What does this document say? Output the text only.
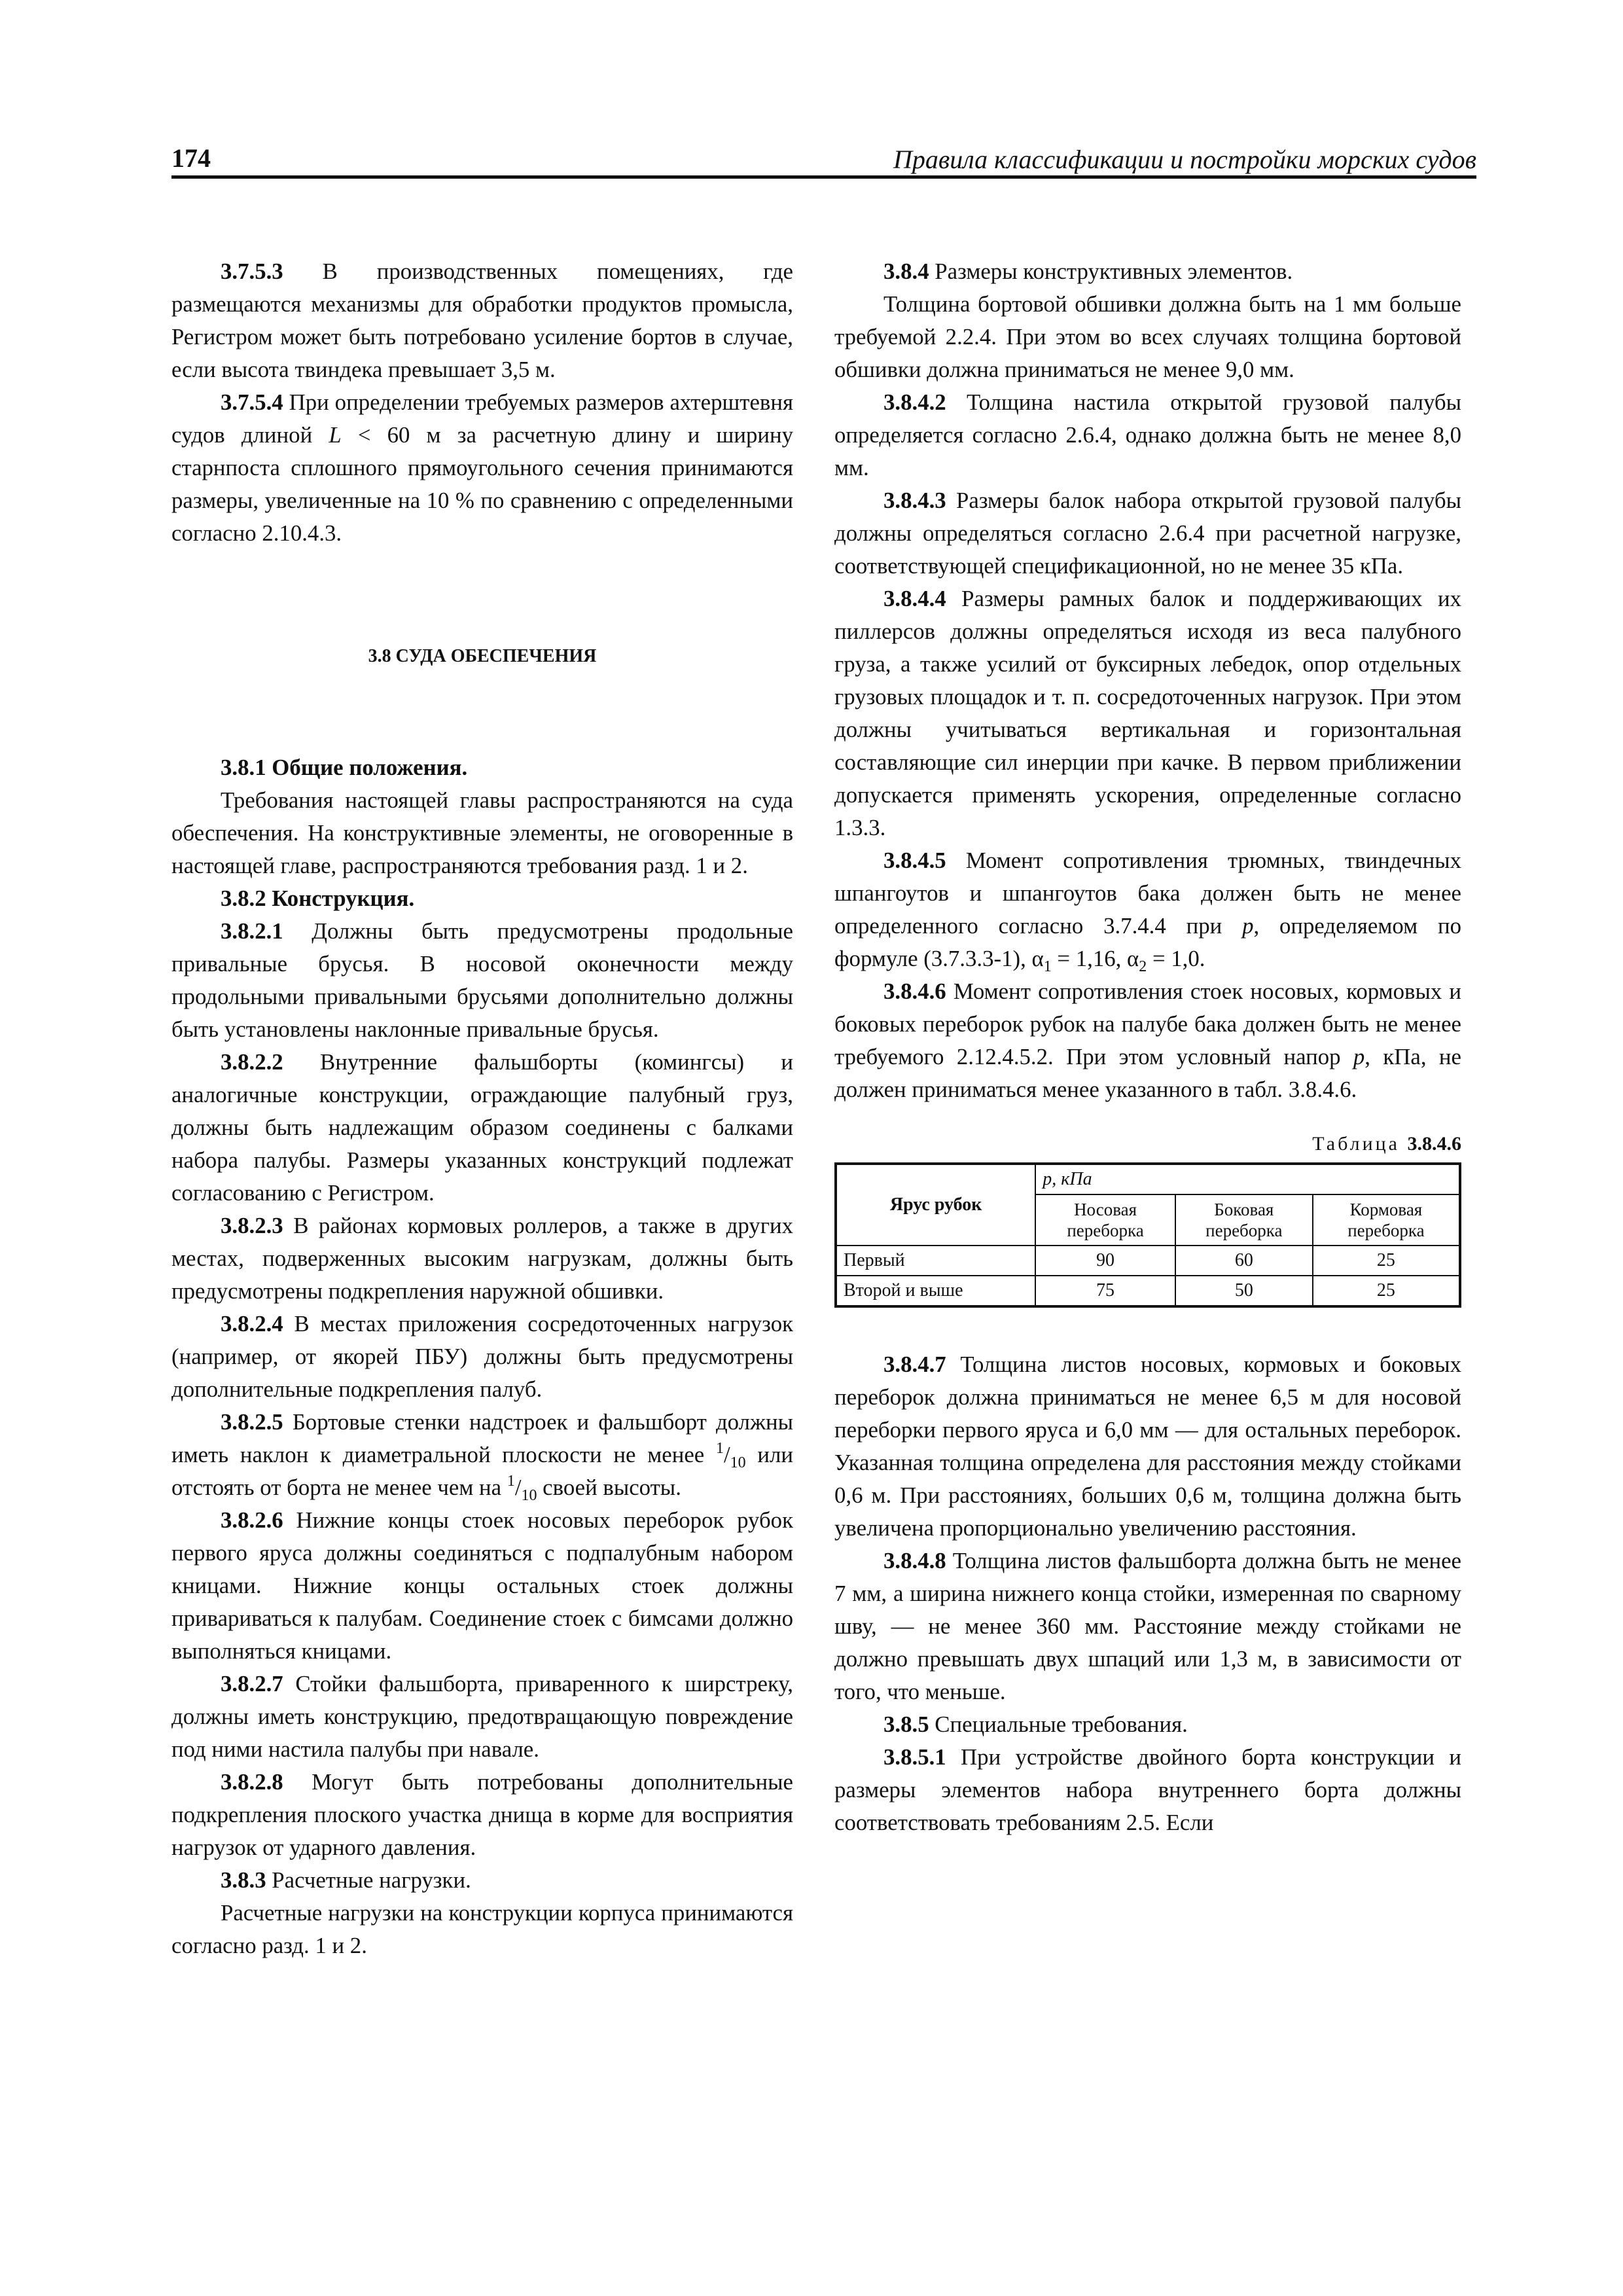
174	Правила классификации и постройки морских судов

3.7.5.3 В производственных помещениях, где размещаются механизмы для обработки продуктов промысла, Регистром может быть потребовано усиление бортов в случае, если высота твиндека превышает 3,5 м.

3.7.5.4 При определении требуемых размеров ахтерштевня судов длиной L < 60 м за расчетную длину и ширину старнпоста сплошного прямоугольного сечения принимаются размеры, увеличенные на 10 % по сравнению с определенными согласно 2.10.4.3.

3.8 СУДА ОБЕСПЕЧЕНИЯ

3.8.1 Общие положения.

Требования настоящей главы распространяются на суда обеспечения. На конструктивные элементы, не оговоренные в настоящей главе, распространяются требования разд. 1 и 2.

3.8.2 Конструкция.

3.8.2.1 Должны быть предусмотрены продольные привальные брусья. В носовой оконечности между продольными привальными брусьями дополнительно должны быть установлены наклонные привальные брусья.

3.8.2.2 Внутренние фальшборты (комингсы) и аналогичные конструкции, ограждающие палубный груз, должны быть надлежащим образом соединены с балками набора палубы. Размеры указанных конструкций подлежат согласованию с Регистром.

3.8.2.3 В районах кормовых роллеров, а также в других местах, подверженных высоким нагрузкам, должны быть предусмотрены подкрепления наружной обшивки.

3.8.2.4 В местах приложения сосредоточенных нагрузок (например, от якорей ПБУ) должны быть предусмотрены дополнительные подкрепления палуб.

3.8.2.5 Бортовые стенки надстроек и фальшборт должны иметь наклон к диаметральной плоскости не менее $^1/_{10}$ или отстоять от борта не менее чем на $^1/_{10}$ своей высоты.

3.8.2.6 Нижние концы стоек носовых переборок рубок первого яруса должны соединяться с подпалубным набором кницами. Нижние концы остальных стоек должны привариваться к палубам. Соединение стоек с бимсами должно выполняться кницами.

3.8.2.7 Стойки фальшборта, приваренного к ширстреку, должны иметь конструкцию, предотвращающую повреждение под ними настила палубы при навале.

3.8.2.8 Могут быть потребованы дополнительные подкрепления плоского участка днища в корме для восприятия нагрузок от ударного давления.

3.8.3 Расчетные нагрузки.

Расчетные нагрузки на конструкции корпуса принимаются согласно разд. 1 и 2.

3.8.4 Размеры конструктивных элементов.

Толщина бортовой обшивки должна быть на 1 мм больше требуемой 2.2.4. При этом во всех случаях толщина бортовой обшивки должна приниматься не менее 9,0 мм.

3.8.4.2 Толщина настила открытой грузовой палубы определяется согласно 2.6.4, однако должна быть не менее 8,0 мм.

3.8.4.3 Размеры балок набора открытой грузовой палубы должны определяться согласно 2.6.4 при расчетной нагрузке, соответствующей спецификационной, но не менее 35 кПа.

3.8.4.4 Размеры рамных балок и поддерживающих их пиллерсов должны определяться исходя из веса палубного груза, а также усилий от буксирных лебедок, опор отдельных грузовых площадок и т. п. сосредоточенных нагрузок. При этом должны учитываться вертикальная и горизонтальная составляющие сил инерции при качке. В первом приближении допускается применять ускорения, определенные согласно 1.3.3.

3.8.4.5 Момент сопротивления трюмных, твиндечных шпангоутов и шпангоутов бака должен быть не менее определенного согласно 3.7.4.4 при p, определяемом по формуле (3.7.3.3-1), $\alpha_1 = 1,16$, $\alpha_2 = 1,0$.

3.8.4.6 Момент сопротивления стоек носовых, кормовых и боковых переборок рубок на палубе бака должен быть не менее требуемого 2.12.4.5.2. При этом условный напор p, кПа, не должен приниматься менее указанного в табл. 3.8.4.6.

Таблица 3.8.4.6
Ярус рубок	p, кПа		
	Носовая переборка	Боковая переборка	Кормовая переборка
Первый	90	60	25
Второй и выше	75	50	25

3.8.4.7 Толщина листов носовых, кормовых и боковых переборок должна приниматься не менее 6,5 м для носовой переборки первого яруса и 6,0 мм — для остальных переборок. Указанная толщина определена для расстояния между стойками 0,6 м. При расстояниях, больших 0,6 м, толщина должна быть увеличена пропорционально увеличению расстояния.

3.8.4.8 Толщина листов фальшборта должна быть не менее 7 мм, а ширина нижнего конца стойки, измеренная по сварному шву, — не менее 360 мм. Расстояние между стойками не должно превышать двух шпаций или 1,3 м, в зависимости от того, что меньше.

3.8.5 Специальные требования.

3.8.5.1 При устройстве двойного борта конструкции и размеры элементов набора внутреннего борта должны соответствовать требованиям 2.5. Если
